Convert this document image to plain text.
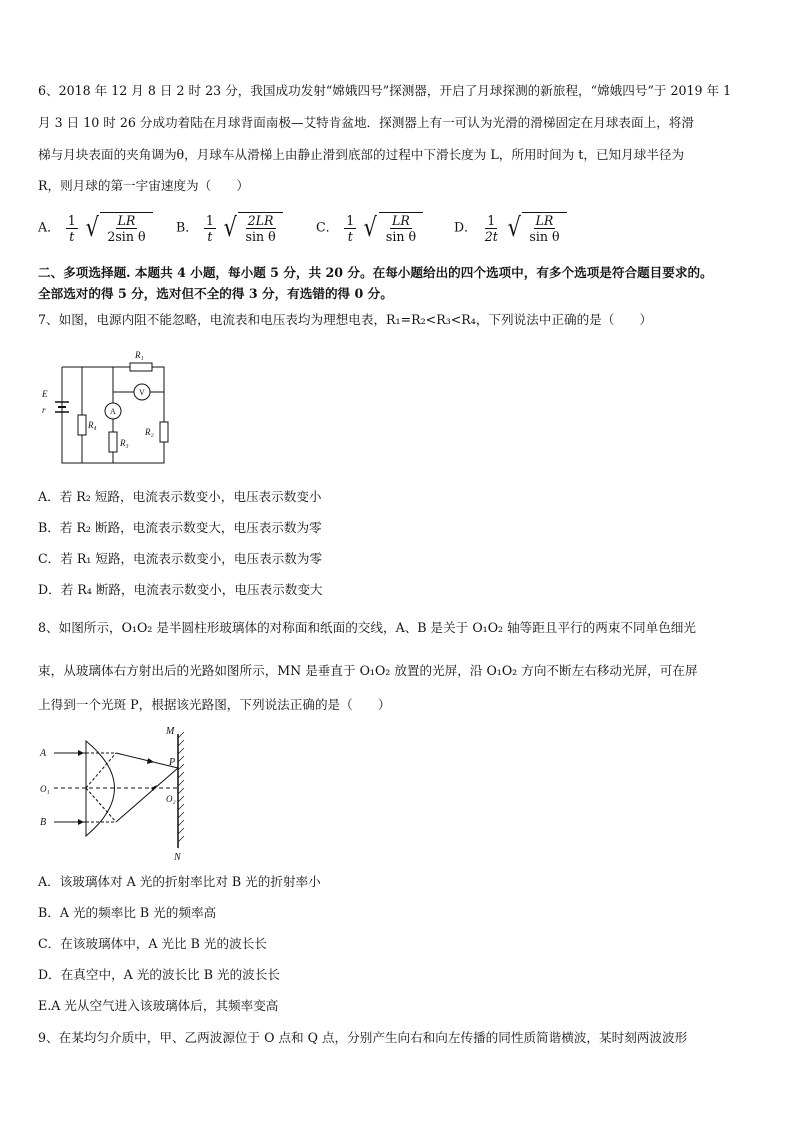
6、2018 年 12 月 8 日 2 时 23 分，我国成功发射“嫦娥四号”探测器，开启了月球探测的新旅程，“嫦娥四号”于 2019 年 1
月 3 日 10 时 26 分成功着陆在月球背面南极—艾特肯盆地．探测器上有一可认为光滑的滑梯固定在月球表面上，将滑
梯与月块表面的夹角调为θ，月球车从滑梯上由静止滑到底部的过程中下滑长度为 L，所用时间为 t，已知月球半径为
R，则月球的第一宇宙速度为（　　）
A． $\frac{1}{t}$
√ $\frac{LR}{\text{2sin θ}}$ B． $\frac{1}{t}$
√ $\frac{2LR}{\text{sin θ}}$	C． $\frac{1}{t}$
√ $\frac{LR}{\text{sin θ}}$	D． $\frac{1}{2t}$
√ $\frac{LR}{\text{sin θ}}$
二、多项选择题. 本题共 4 小题，每小题 5 分，共 20 分。在每小题给出的四个选项中，有多个选项是符合题目要求的。
全部选对的得 5 分，选对但不全的得 3 分，有选错的得 0 分。
7、如图，电源内阻不能忽略，电流表和电压表均为理想电表，R₁=R₂<R₃<R₄，下列说法中正确的是（　　）
E
r
R₁
R₄
R₃
R₂
A
V
A．若 R₂ 短路，电流表示数变小，电压表示数变小
B．若 R₂ 断路，电流表示数变大，电压表示数为零
C．若 R₁ 短路，电流表示数变小，电压表示数为零
D．若 R₄ 断路，电流表示数变小，电压表示数变大
8、如图所示，O₁O₂ 是半圆柱形玻璃体的对称面和纸面的交线，A、B 是关于 O₁O₂ 轴等距且平行的两束不同单色细光
束，从玻璃体右方射出后的光路如图所示，MN 是垂直于 O₁O₂ 放置的光屏，沿 O₁O₂ 方向不断左右移动光屏，可在屏
上得到一个光斑 P，根据该光路图，下列说法正确的是（　　）
A
B
O₁
O₂
M
N
P
A．该玻璃体对 A 光的折射率比对 B 光的折射率小
B．A 光的频率比 B 光的频率高
C．在该玻璃体中，A 光比 B 光的波长长
D．在真空中，A 光的波长比 B 光的波长长
E.A 光从空气进入该玻璃体后，其频率变高
9、在某均匀介质中，甲、乙两波源位于 O 点和 Q 点，分别产生向右和向左传播的同性质简谐横波，某时刻两波波形
